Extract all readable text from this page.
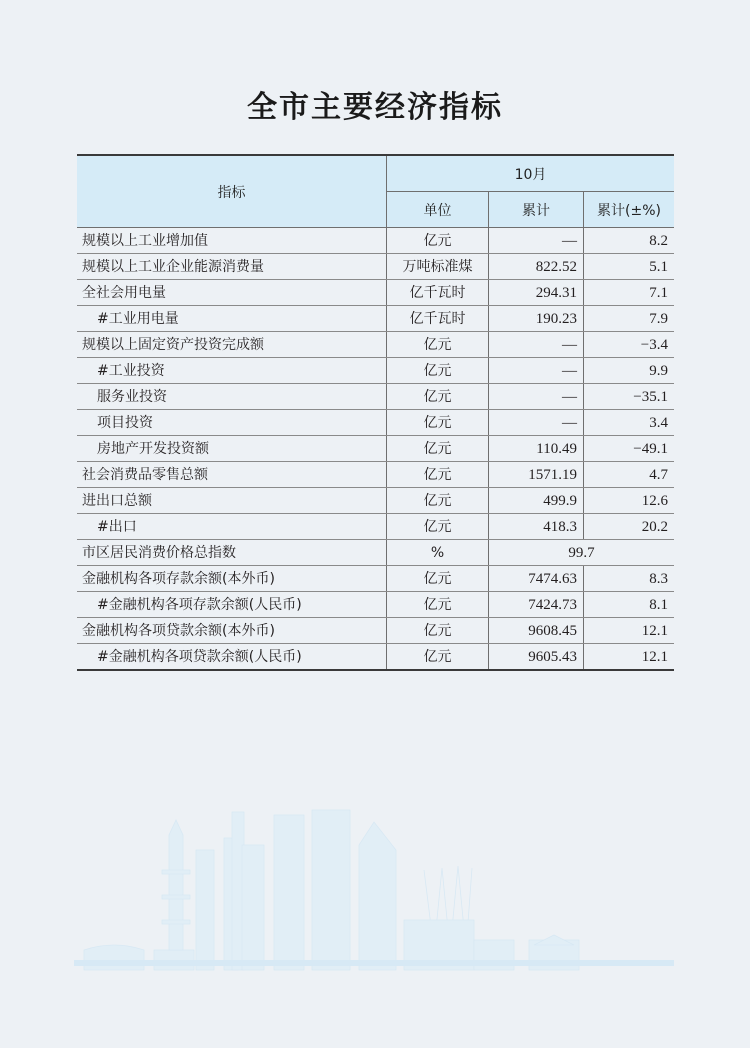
全市主要经济指标
指标	10月		
	单位	累计	累计(±%)
规模以上工业增加值	亿元	—	8.2
规模以上工业企业能源消费量	万吨标准煤	822.52	5.1
全社会用电量	亿千瓦时	294.31	7.1
#工业用电量	亿千瓦时	190.23	7.9
规模以上固定资产投资完成额	亿元	—	−3.4
#工业投资	亿元	—	9.9
服务业投资	亿元	—	−35.1
项目投资	亿元	—	3.4
房地产开发投资额	亿元	110.49	−49.1
社会消费品零售总额	亿元	1571.19	4.7
进出口总额	亿元	499.9	12.6
#出口	亿元	418.3	20.2
市区居民消费价格总指数	%	99.7	
金融机构各项存款余额(本外币)	亿元	7474.63	8.3
#金融机构各项存款余额(人民币)	亿元	7424.73	8.1
金融机构各项贷款余额(本外币)	亿元	9608.45	12.1
#金融机构各项贷款余额(人民币)	亿元	9605.43	12.1
